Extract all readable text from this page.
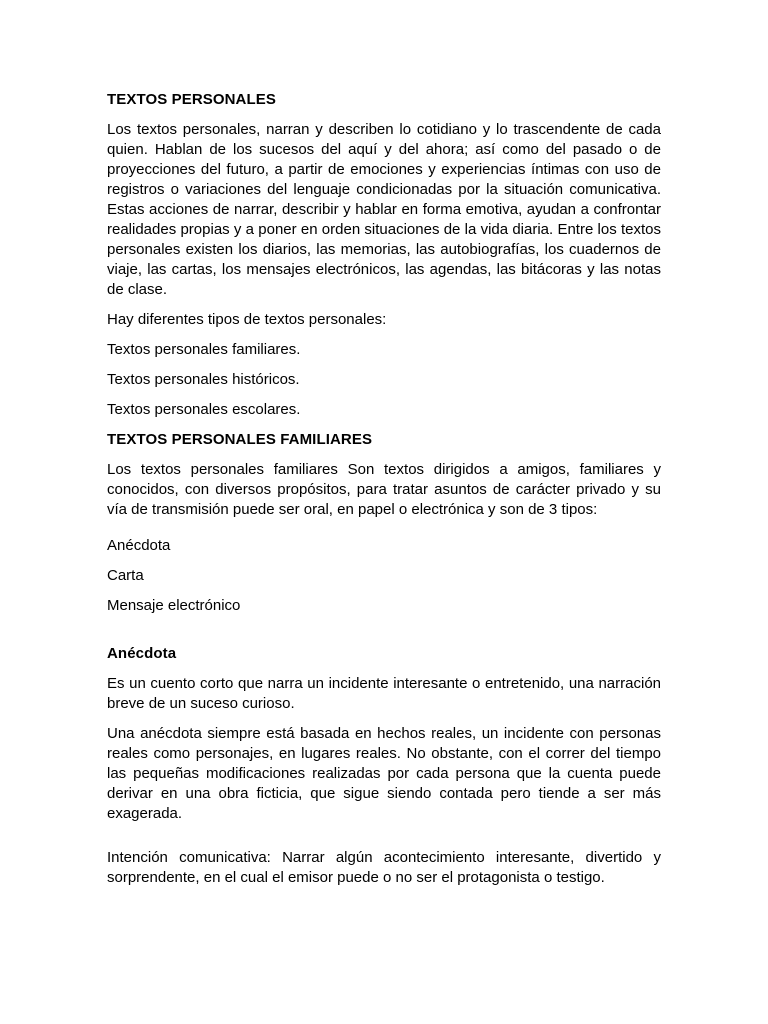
TEXTOS PERSONALES

Los textos personales, narran y describen lo cotidiano y lo trascendente de cada quien. Hablan de los sucesos del aquí y del ahora; así como del pasado o de proyecciones del futuro, a partir de emociones y experiencias íntimas con uso de registros o variaciones del lenguaje condicionadas por la situación comunicativa. Estas acciones de narrar, describir y hablar en forma emotiva, ayudan a confrontar realidades propias y a poner en orden situaciones de la vida diaria. Entre los textos personales existen los diarios, las memorias, las autobiografías, los cuadernos de viaje, las cartas, los mensajes electrónicos, las agendas, las bitácoras y las notas de clase.

Hay diferentes tipos de textos personales:

Textos personales familiares.

Textos personales históricos.

Textos personales escolares.

TEXTOS PERSONALES FAMILIARES

Los textos personales familiares Son textos dirigidos a amigos, familiares y conocidos, con diversos propósitos, para tratar asuntos de carácter privado y su vía de transmisión puede ser oral, en papel o electrónica y son de 3 tipos:

Anécdota

Carta

Mensaje electrónico

Anécdota

Es un cuento corto que narra un incidente interesante o entretenido, una narración breve de un suceso curioso.

Una anécdota siempre está basada en hechos reales, un incidente con personas reales como personajes, en lugares reales. No obstante, con el correr del tiempo las pequeñas modificaciones realizadas por cada persona que la cuenta puede derivar en una obra ficticia, que sigue siendo contada pero tiende a ser más exagerada.

Intención comunicativa: Narrar algún acontecimiento interesante, divertido y sorprendente, en el cual el emisor puede o no ser el protagonista o testigo.
